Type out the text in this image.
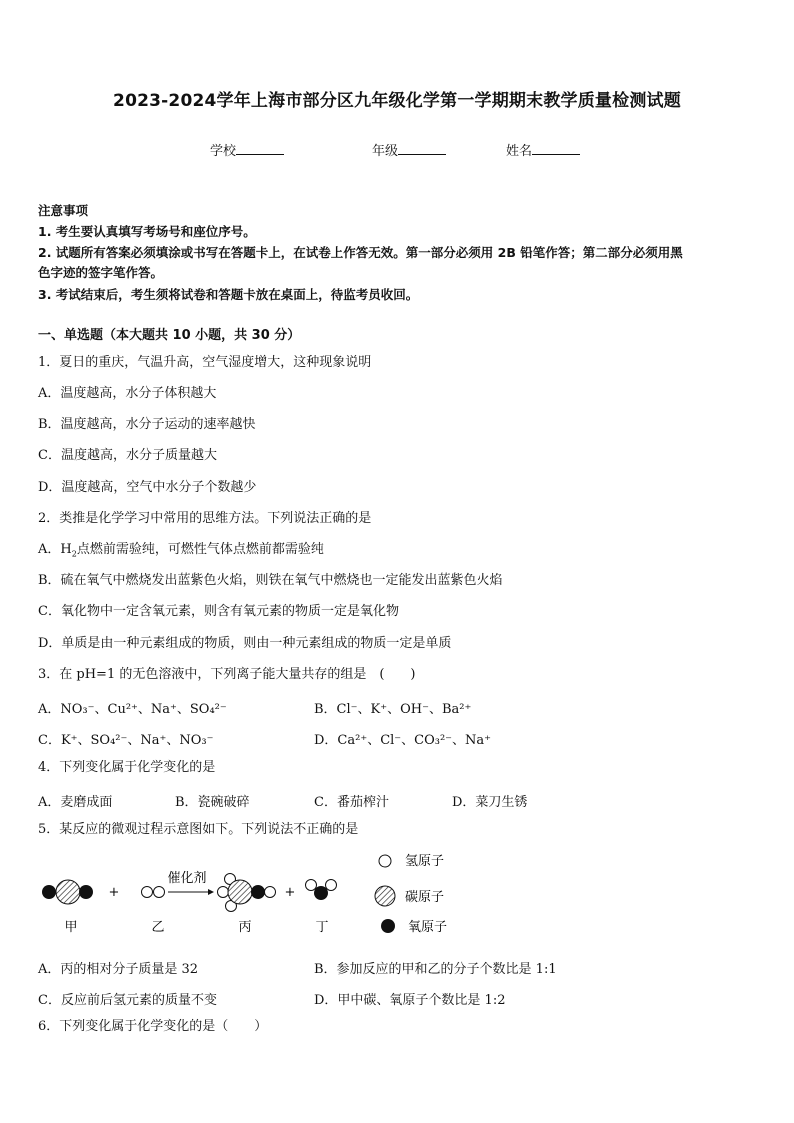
2023-2024学年上海市部分区九年级化学第一学期期末教学质量检测试题
学校	年级	姓名
注意事项
1. 考生要认真填写考场号和座位序号。
2. 试题所有答案必须填涂或书写在答题卡上，在试卷上作答无效。第一部分必须用 2B 铅笔作答；第二部分必须用黑
色字迹的签字笔作答。
3. 考试结束后，考生须将试卷和答题卡放在桌面上，待监考员收回。
一、单选题（本大题共 10 小题，共 30 分）
1．夏日的重庆，气温升高，空气湿度增大，这种现象说明
A．温度越高，水分子体积越大
B．温度越高，水分子运动的速率越快
C．温度越高，水分子质量越大
D．温度越高，空气中水分子个数越少
2．类推是化学学习中常用的思维方法。下列说法正确的是
A．$H_2$点燃前需验纯，可燃性气体点燃前都需验纯
B．硫在氧气中燃烧发出蓝紫色火焰，则铁在氧气中燃烧也一定能发出蓝紫色火焰
C．氧化物中一定含氧元素，则含有氧元素的物质一定是氧化物
D．单质是由一种元素组成的物质，则由一种元素组成的物质一定是单质
3．在 pH=1 的无色溶液中，下列离子能大量共存的组是　(　　)
A．NO₃⁻、Cu²⁺、Na⁺、SO₄²⁻	B．Cl⁻、K⁺、OH⁻、Ba²⁺
C．K⁺、SO₄²⁻、Na⁺、NO₃⁻	D．Ca²⁺、Cl⁻、CO₃²⁻、Na⁺
4．下列变化属于化学变化的是
A．麦磨成面	B．瓷碗破碎	C．番茄榨汁	D．菜刀生锈
5．某反应的微观过程示意图如下。下列说法不正确的是
+
催化剂
+
甲	乙	丙	丁
氢原子
碳原子
氧原子
A．丙的相对分子质量是 32	B．参加反应的甲和乙的分子个数比是 1:1
C．反应前后氢元素的质量不变	D．甲中碳、氧原子个数比是 1:2
6．下列变化属于化学变化的是（　　）
